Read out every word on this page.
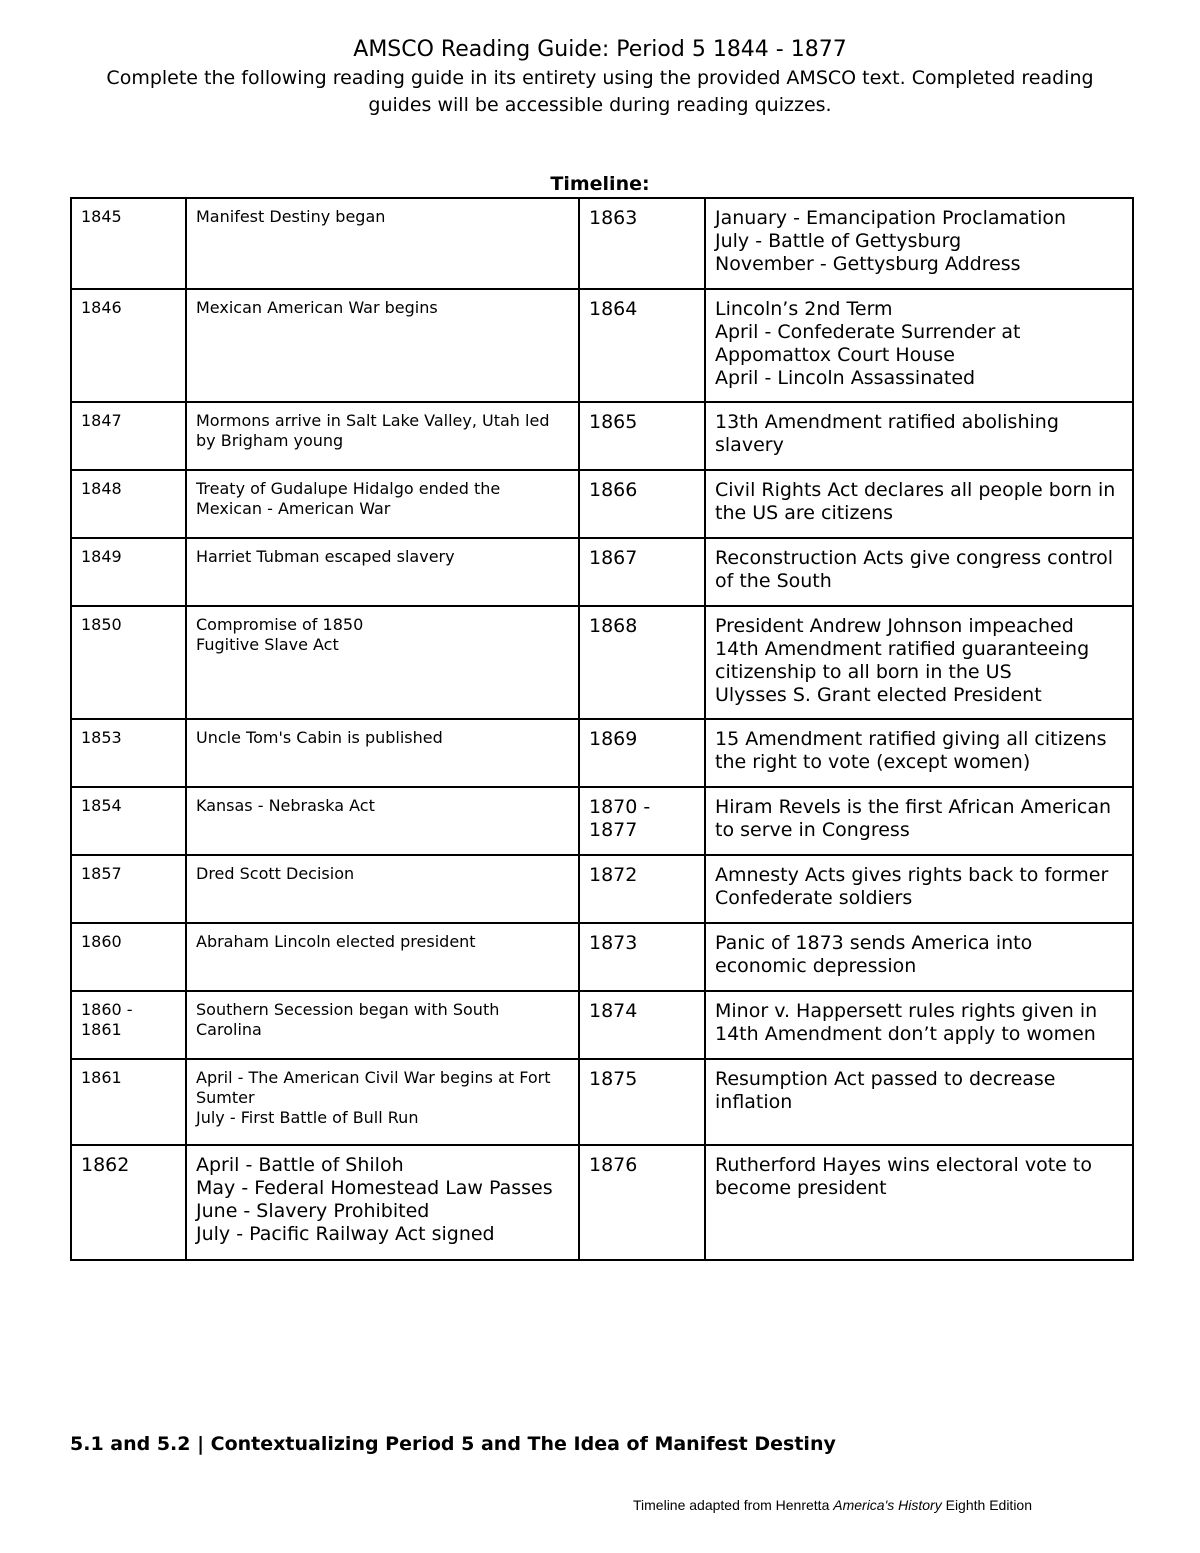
AMSCO Reading Guide: Period 5 1844 - 1877
Complete the following reading guide in its entirety using the provided AMSCO text. Completed reading
guides will be accessible during reading quizzes.
Timeline:
1845	Manifest Destiny began	1863	January - Emancipation Proclamation
July - Battle of Gettysburg
November - Gettysburg Address

1846	Mexican American War begins	1864	Lincoln’s 2nd Term
April - Confederate Surrender at Appomattox Court House
April - Lincoln Assassinated

1847	Mormons arrive in Salt Lake Valley, Utah led by Brigham young	1865	13th Amendment ratified abolishing slavery

1848	Treaty of Gudalupe Hidalgo ended the Mexican - American War	1866	Civil Rights Act declares all people born in the US are citizens

1849	Harriet Tubman escaped slavery	1867	Reconstruction Acts give congress control of the South

1850	Compromise of 1850
Fugitive Slave Act	1868	President Andrew Johnson impeached
14th Amendment ratified guaranteeing citizenship to all born in the US
Ulysses S. Grant elected President

1853	Uncle Tom's Cabin is published	1869	15 Amendment ratified giving all citizens the right to vote (except women)

1854	Kansas - Nebraska Act	1870 - 1877	Hiram Revels is the first African American to serve in Congress

1857	Dred Scott Decision	1872	Amnesty Acts gives rights back to former Confederate soldiers

1860	Abraham Lincoln elected president	1873	Panic of 1873 sends America into economic depression

1860 - 1861	Southern Secession began with South Carolina	1874	Minor v. Happersett rules rights given in 14th Amendment don’t apply to women

1861	April - The American Civil War begins at Fort Sumter
July - First Battle of Bull Run	1875	Resumption Act passed to decrease inflation

1862	April - Battle of Shiloh
May - Federal Homestead Law Passes
June - Slavery Prohibited
July - Pacific Railway Act signed	1876	Rutherford Hayes wins electoral vote to become president
5.1 and 5.2 | Contextualizing Period 5 and The Idea of Manifest Destiny
Timeline adapted from Henretta America's History Eighth Edition
